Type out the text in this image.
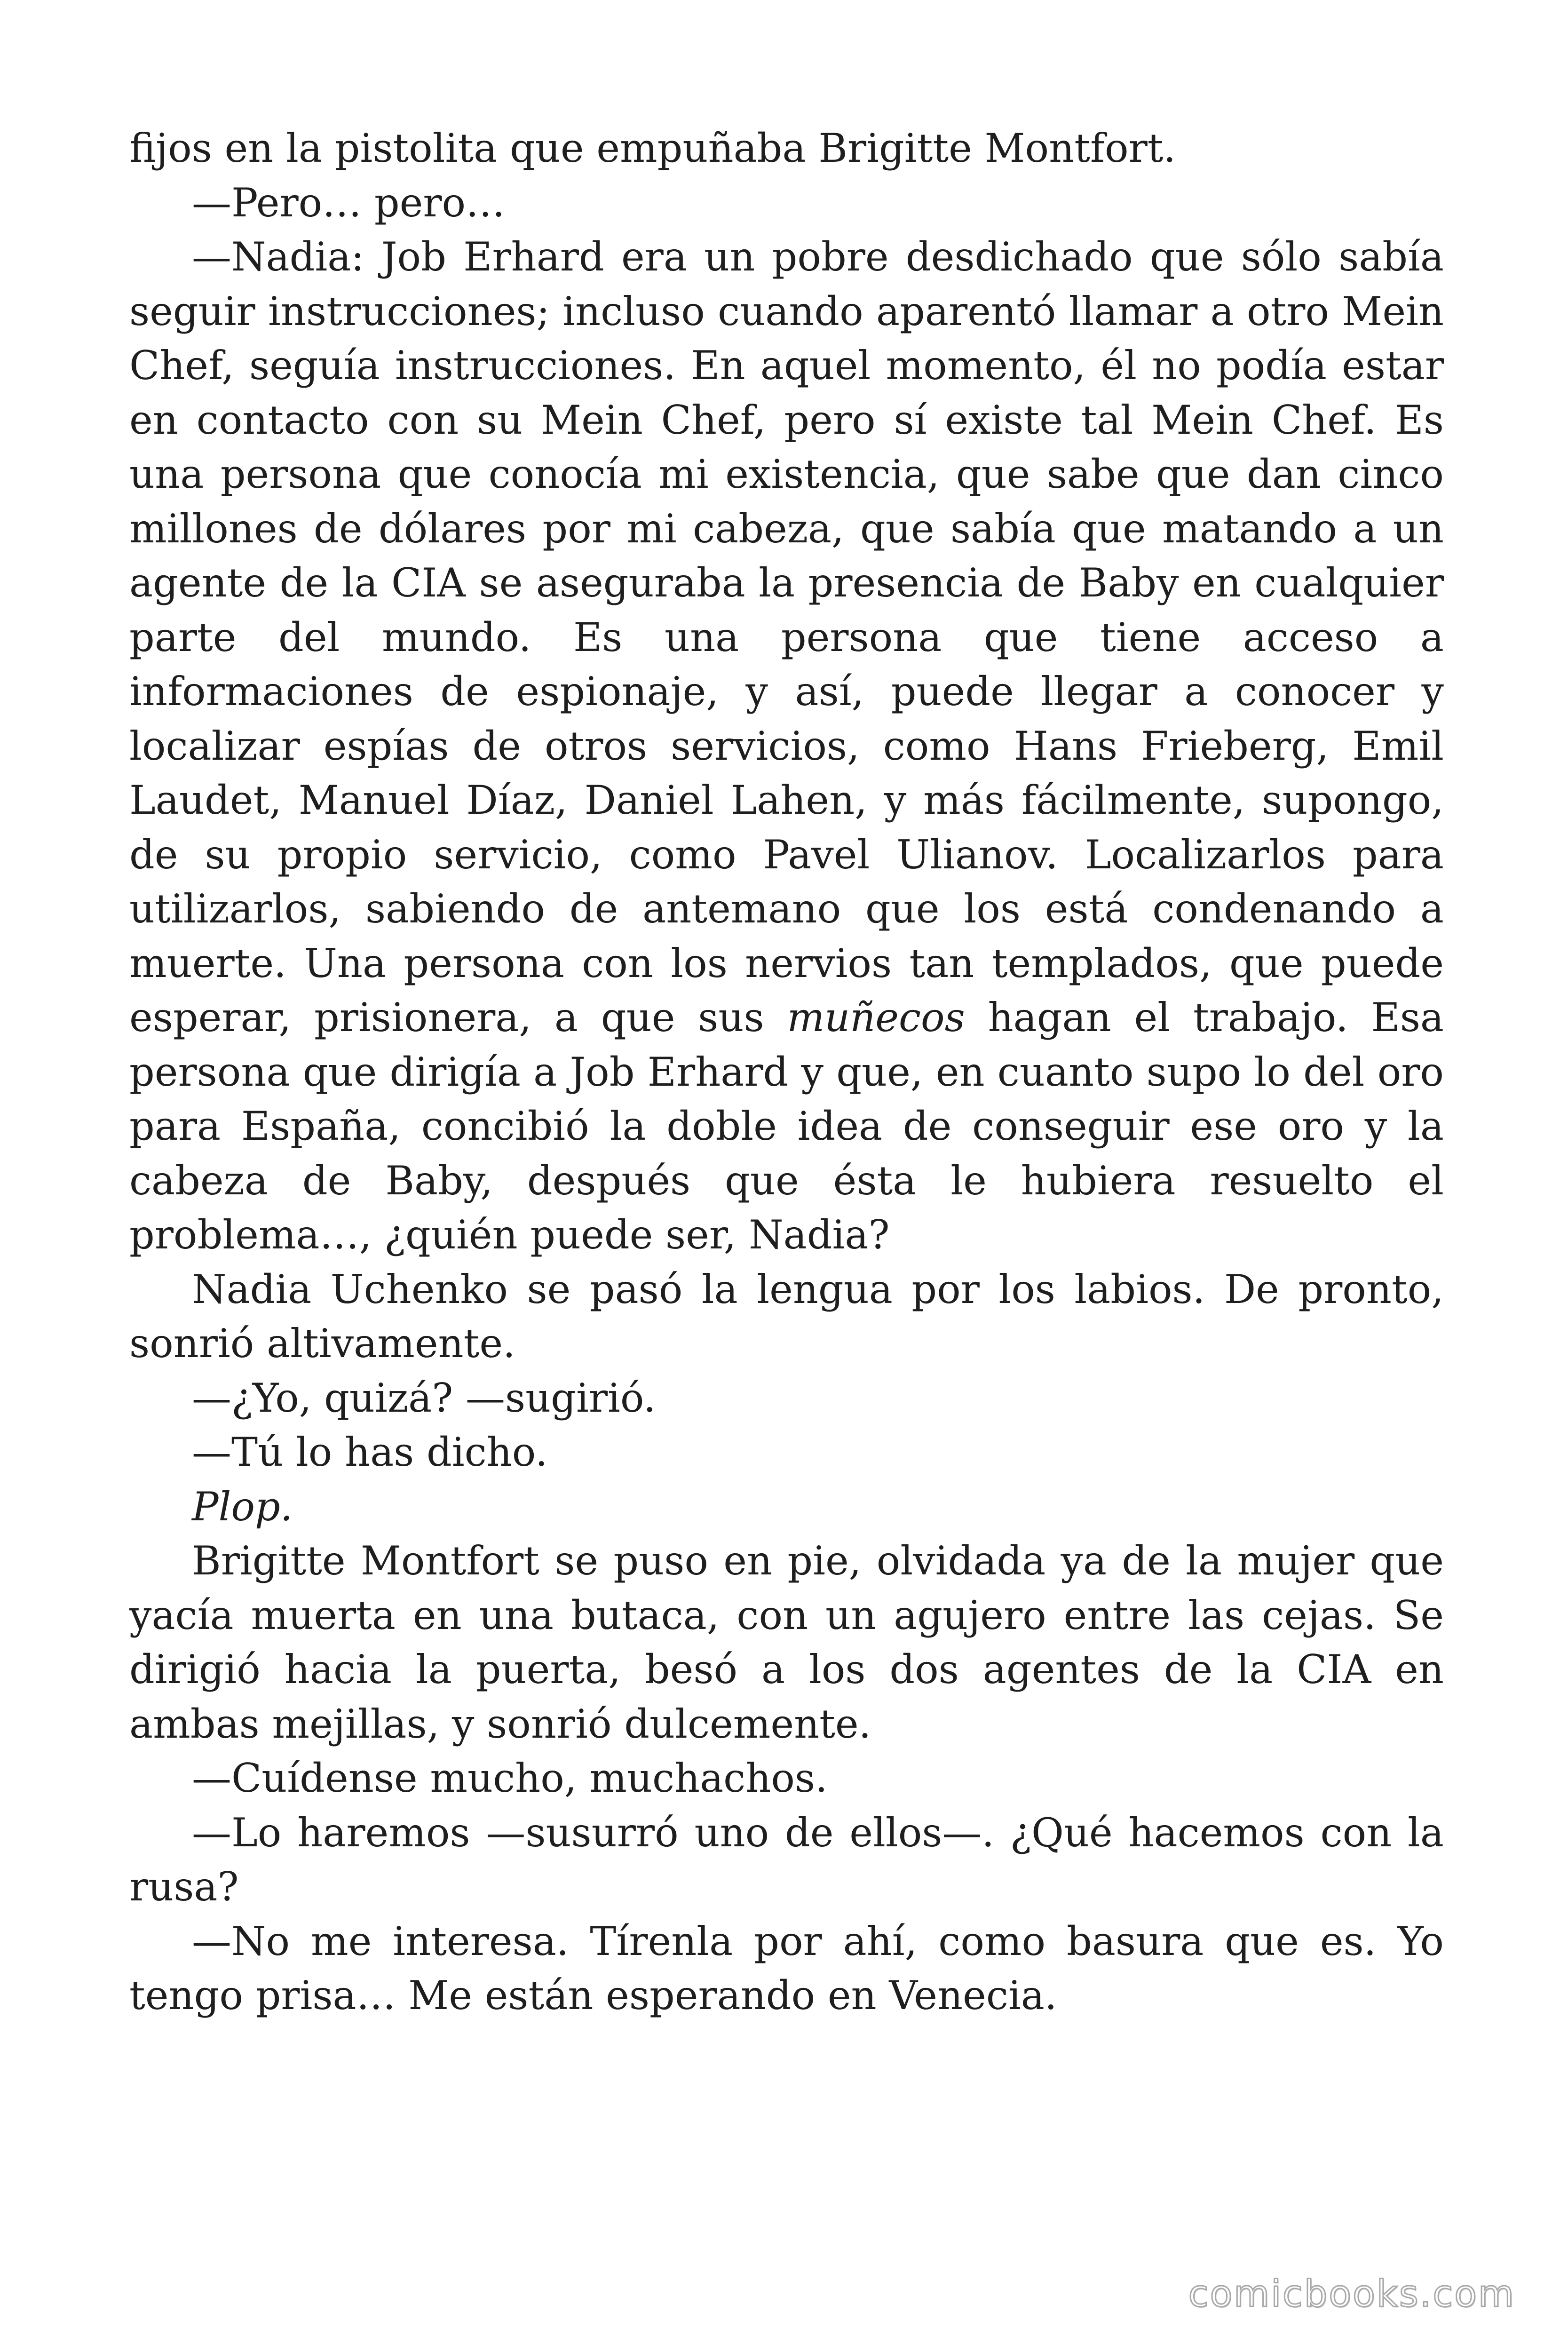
fijos en la pistolita que empuñaba Brigitte Montfort.

—Pero… pero…

—Nadia: Job Erhard era un pobre desdichado que sólo sabía seguir instrucciones; incluso cuando aparentó llamar a otro Mein Chef, seguía instrucciones. En aquel momento, él no podía estar en contacto con su Mein Chef, pero sí existe tal Mein Chef. Es una persona que conocía mi existencia, que sabe que dan cinco millones de dólares por mi cabeza, que sabía que matando a un agente de la CIA se aseguraba la presencia de Baby en cualquier parte del mundo. Es una persona que tiene acceso a informaciones de espionaje, y así, puede llegar a conocer y localizar espías de otros servicios, como Hans Frieberg, Emil Laudet, Manuel Díaz, Daniel Lahen, y más fácilmente, supongo, de su propio servicio, como Pavel Ulianov. Localizarlos para utilizarlos, sabiendo de antemano que los está condenando a muerte. Una persona con los nervios tan templados, que puede esperar, prisionera, a que sus muñecos hagan el trabajo. Esa persona que dirigía a Job Erhard y que, en cuanto supo lo del oro para España, concibió la doble idea de conseguir ese oro y la cabeza de Baby, después que ésta le hubiera resuelto el problema…, ¿quién puede ser, Nadia?

Nadia Uchenko se pasó la lengua por los labios. De pronto, sonrió altivamente.

—¿Yo, quizá? —sugirió.

—Tú lo has dicho.

Plop.

Brigitte Montfort se puso en pie, olvidada ya de la mujer que yacía muerta en una butaca, con un agujero entre las cejas. Se dirigió hacia la puerta, besó a los dos agentes de la CIA en ambas mejillas, y sonrió dulcemente.

—Cuídense mucho, muchachos.

—Lo haremos —susurró uno de ellos—. ¿Qué hacemos con la rusa?

—No me interesa. Tírenla por ahí, como basura que es. Yo tengo prisa… Me están esperando en Venecia.

comicbooks.com
